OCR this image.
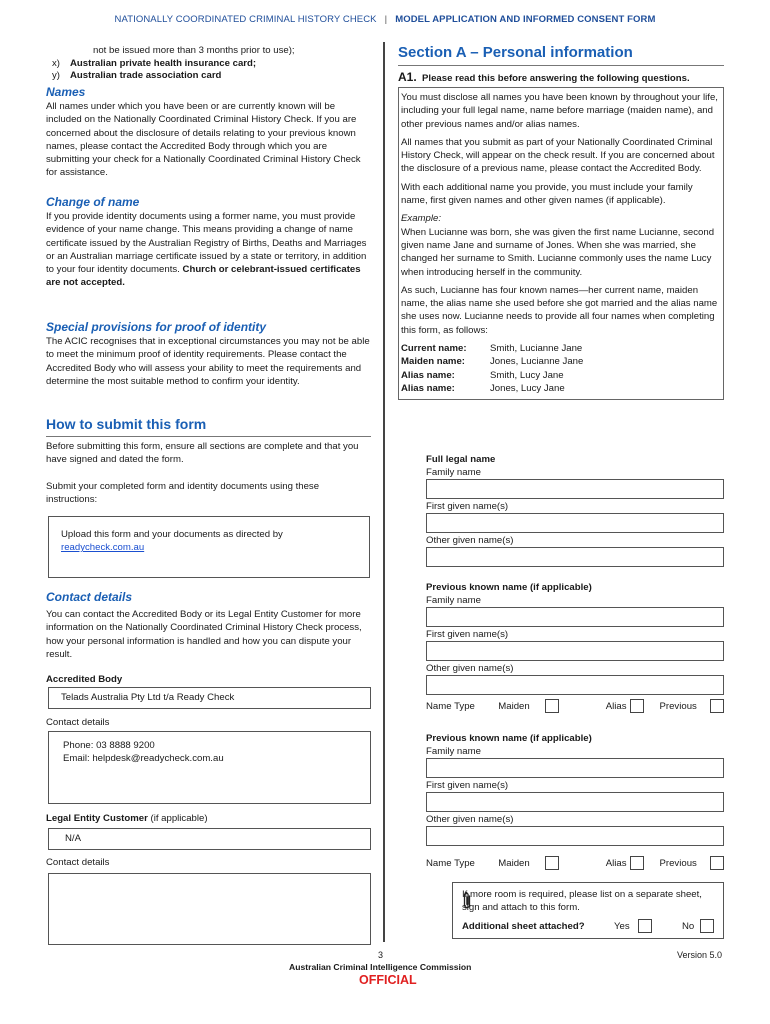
NATIONALLY COORDINATED CRIMINAL HISTORY CHECK | MODEL APPLICATION AND INFORMED CONSENT FORM
not be issued more than 3 months prior to use);
x) Australian private health insurance card;
y) Australian trade association card
Names
All names under which you have been or are currently known will be included on the Nationally Coordinated Criminal History Check. If you are concerned about the disclosure of details relating to your previous known names, please contact the Accredited Body through which you are submitting your check for a Nationally Coordinated Criminal History Check for assistance.
Change of name
If you provide identity documents using a former name, you must provide evidence of your name change. This means providing a change of name certificate issued by the Australian Registry of Births, Deaths and Marriages or an Australian marriage certificate issued by a state or territory, in addition to your four identity documents. Church or celebrant-issued certificates are not accepted.
Special provisions for proof of identity
The ACIC recognises that in exceptional circumstances you may not be able to meet the minimum proof of identity requirements. Please contact the Accredited Body who will assess your ability to meet the requirements and determine the most suitable method to confirm your identity.
How to submit this form
Before submitting this form, ensure all sections are complete and that you have signed and dated the form.
Submit your completed form and identity documents using these instructions:
Upload this form and your documents as directed by
readycheck.com.au
Contact details
You can contact the Accredited Body or its Legal Entity Customer for more information on the Nationally Coordinated Criminal History Check process, how your personal information is handled and how you can dispute your result.
Accredited Body
Telads Australia Pty Ltd t/a Ready Check
Contact details
Phone: 03 8888 9200
Email: helpdesk@readycheck.com.au
Legal Entity Customer (if applicable)
N/A
Contact details
Section A – Personal information
A1. Please read this before answering the following questions.

You must disclose all names you have been known by throughout your life, including your full legal name, name before marriage (maiden name), and other previous names and/or alias names.

All names that you submit as part of your Nationally Coordinated Criminal History Check, will appear on the check result. If you are concerned about the disclosure of a previous name, please contact the Accredited Body.

With each additional name you provide, you must include your family name, first given names and other given names (if applicable).

Example:

When Lucianne was born, she was given the first name Lucianne, second given name Jane and surname of Jones. When she was married, she changed her surname to Smith. Lucianne commonly uses the name Lucy when introducing herself in the community.

As such, Lucianne has four known names—her current name, maiden name, the alias name she used before she got married and the alias name she uses now. Lucianne needs to provide all four names when completing this form, as follows:

Current name:	Smith, Lucianne Jane
Maiden name:	Jones, Lucianne Jane
Alias name:	Smith, Lucy Jane
Alias name:	Jones, Lucy Jane
Full legal name
Family name
First given name(s)
Other given name(s)
Previous known name (if applicable)
Family name
First given name(s)
Other given name(s)
Name Type	Maiden	Alias	Previous
Previous known name (if applicable)
Family name
First given name(s)
Other given name(s)
Name Type	Maiden	Alias	Previous
If more room is required, please list on a separate sheet, sign and attach to this form.
Additional sheet attached?	Yes	No
3	Version 5.0
Australian Criminal Intelligence Commission
OFFICIAL
